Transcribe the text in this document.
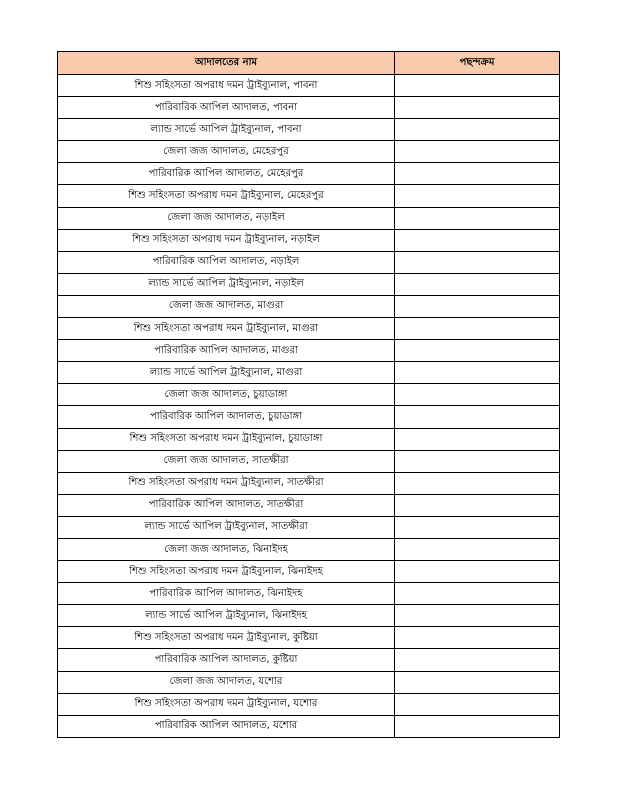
আদালতের নাম	পছন্দক্রম
শিশু সহিংসতা অপরাধ দমন ট্রাইব্যুনাল, পাবনা	
পারিবারিক আপিল আদালত, পাবনা	
ল্যান্ড সার্ভে আপিল ট্রাইব্যুনাল, পাবনা	
জেলা জজ আদালত, মেহেরপুর	
পারিবারিক আপিল আদালত, মেহেরপুর	
শিশু সহিংসতা অপরাধ দমন ট্রাইব্যুনাল, মেহেরপুর	
জেলা জজ আদালত, নড়াইল	
শিশু সহিংসতা অপরাধ দমন ট্রাইব্যুনাল, নড়াইল	
পারিবারিক আপিল আদালত, নড়াইল	
ল্যান্ড সার্ভে আপিল ট্রাইব্যুনাল, নড়াইল	
জেলা জজ আদালত, মাগুরা	
শিশু সহিংসতা অপরাধ দমন ট্রাইব্যুনাল, মাগুরা	
পারিবারিক আপিল আদালত, মাগুরা	
ল্যান্ড সার্ভে আপিল ট্রাইব্যুনাল, মাগুরা	
জেলা জজ আদালত, চুয়াডাঙ্গা	
পারিবারিক আপিল আদালত, চুয়াডাঙ্গা	
শিশু সহিংসতা অপরাধ দমন ট্রাইব্যুনাল, চুয়াডাঙ্গা	
জেলা জজ আদালত, সাতক্ষীরা	
শিশু সহিংসতা অপরাধ দমন ট্রাইব্যুনাল, সাতক্ষীরা	
পারিবারিক আপিল আদালত, সাতক্ষীরা	
ল্যান্ড সার্ভে আপিল ট্রাইব্যুনাল, সাতক্ষীরা	
জেলা জজ আদালত, ঝিনাইদহ	
শিশু সহিংসতা অপরাধ দমন ট্রাইব্যুনাল, ঝিনাইদহ	
পারিবারিক আপিল আদালত, ঝিনাইদহ	
ল্যান্ড সার্ভে আপিল ট্রাইব্যুনাল, ঝিনাইদহ	
শিশু সহিংসতা অপরাধ দমন ট্রাইব্যুনাল, কুষ্টিয়া	
পারিবারিক আপিল আদালত, কুষ্টিয়া	
জেলা জজ আদালত, যশোর	
শিশু সহিংসতা অপরাধ দমন ট্রাইব্যুনাল, যশোর	
পারিবারিক আপিল আদালত, যশোর	
